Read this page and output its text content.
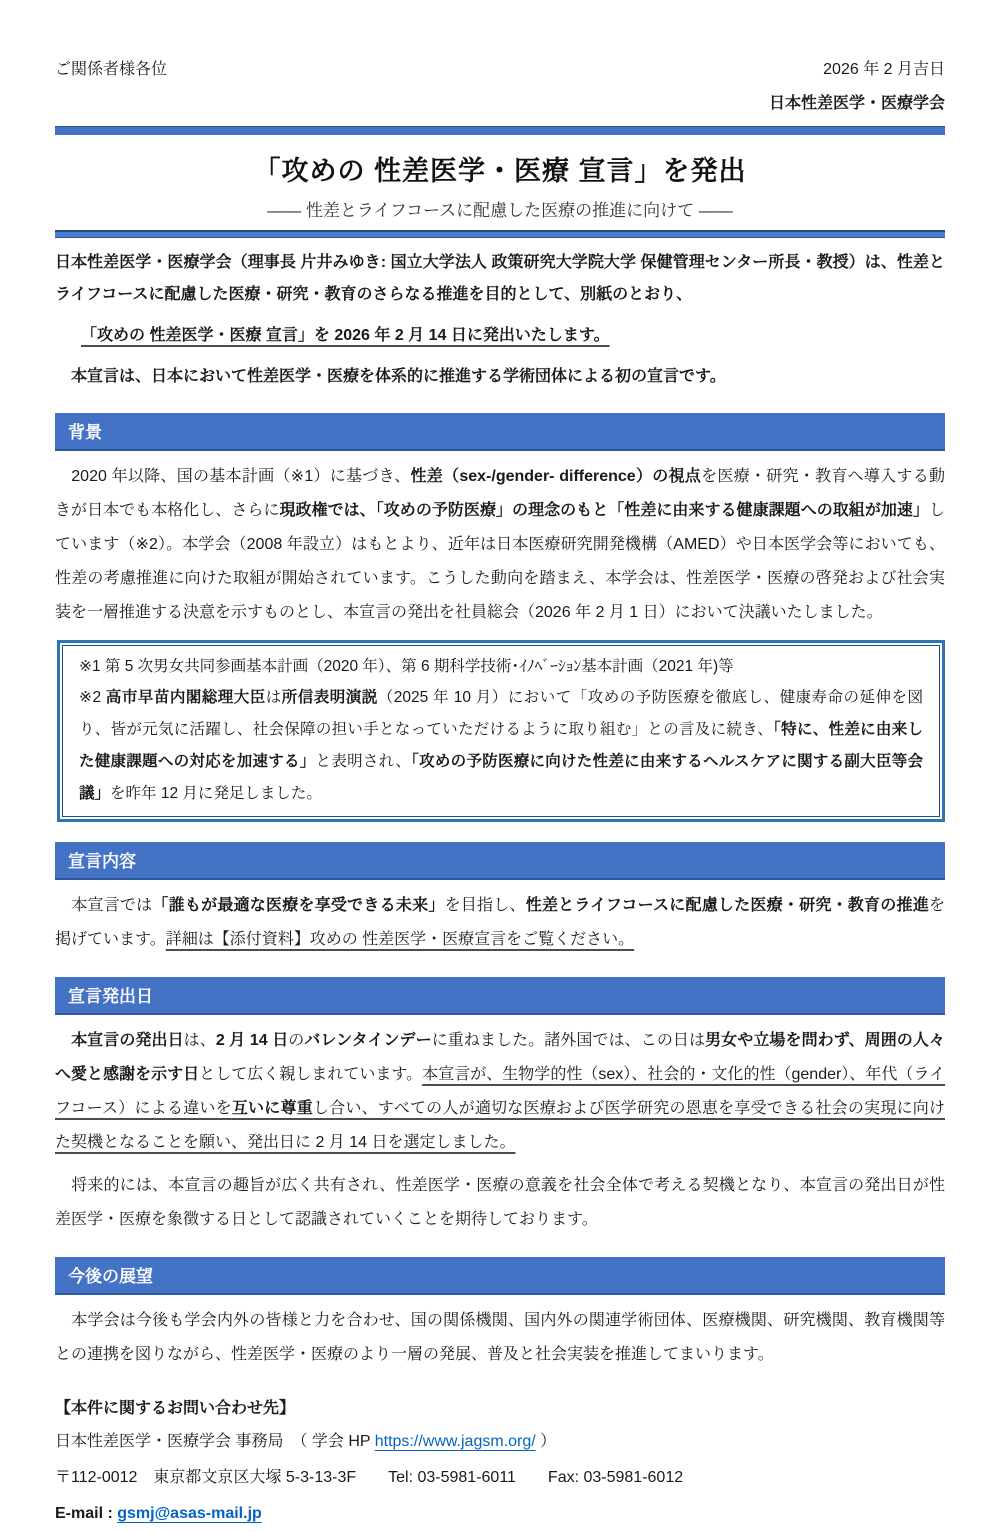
ご関係者様各位	2026 年 2 月吉日
日本性差医学・医療学会
「攻めの 性差医学・医療 宣言」を発出
―― 性差とライフコースに配慮した医療の推進に向けて ――

日本性差医学・医療学会（理事長 片井みゆき: 国立大学法人 政策研究大学院大学 保健管理センター所長・教授）は、性差とライフコースに配慮した医療・研究・教育のさらなる推進を目的として、別紙のとおり、

「攻めの 性差医学・医療 宣言」を 2026 年 2 月 14 日に発出いたします。

　本宣言は、日本において性差医学・医療を体系的に推進する学術団体による初の宣言です。

背景

　2020 年以降、国の基本計画（※1）に基づき、性差（sex-/gender- difference）の視点を医療・研究・教育へ導入する動きが日本でも本格化し、さらに現政権では、「攻めの予防医療」の理念のもと「性差に由来する健康課題への取組が加速」しています（※2）。本学会（2008 年設立）はもとより、近年は日本医療研究開発機構（AMED）や日本医学会等においても、性差の考慮推進に向けた取組が開始されています。こうした動向を踏まえ、本学会は、性差医学・医療の啓発および社会実装を一層推進する決意を示すものとし、本宣言の発出を社員総会（2026 年 2 月 1 日）において決議いたしました。

※1 第 5 次男女共同参画基本計画（2020 年）、第 6 期科学技術･ｲﾉﾍﾞｰｼｮﾝ基本計画（2021 年)等

※2 高市早苗内閣総理大臣は所信表明演説（2025 年 10 月）において「攻めの予防医療を徹底し、健康寿命の延伸を図り、皆が元気に活躍し、社会保障の担い手となっていただけるように取り組む」との言及に続き、「特に、性差に由来した健康課題への対応を加速する」と表明され、「攻めの予防医療に向けた性差に由来するヘルスケアに関する副大臣等会議」を昨年 12 月に発足しました。

宣言内容

　本宣言では「誰もが最適な医療を享受できる未来」を目指し、性差とライフコースに配慮した医療・研究・教育の推進を掲げています。詳細は【添付資料】攻めの 性差医学・医療宣言をご覧ください。

宣言発出日

　本宣言の発出日は、2 月 14 日のバレンタインデーに重ねました。諸外国では、この日は男女や立場を問わず、周囲の人々へ愛と感謝を示す日として広く親しまれています。本宣言が、生物学的性（sex）、社会的・文化的性（gender）、年代（ライフコース）による違いを互いに尊重し合い、すべての人が適切な医療および医学研究の恩恵を享受できる社会の実現に向けた契機となることを願い、発出日に 2 月 14 日を選定しました。

　将来的には、本宣言の趣旨が広く共有され、性差医学・医療の意義を社会全体で考える契機となり、本宣言の発出日が性差医学・医療を象徴する日として認識されていくことを期待しております。

今後の展望

　本学会は今後も学会内外の皆様と力を合わせ、国の関係機関、国内外の関連学術団体、医療機関、研究機関、教育機関等との連携を図りながら、性差医学・医療のより一層の発展、普及と社会実装を推進してまいります。

【本件に関するお問い合わせ先】

日本性差医学・医療学会 事務局　（ 学会 HP https://www.jagsm.org/ ）

〒112-0012　東京都文京区大塚 5-3-13-3F　　Tel: 03-5981-6011　　Fax: 03-5981-6012

E-mail : gsmj@asas-mail.jp
